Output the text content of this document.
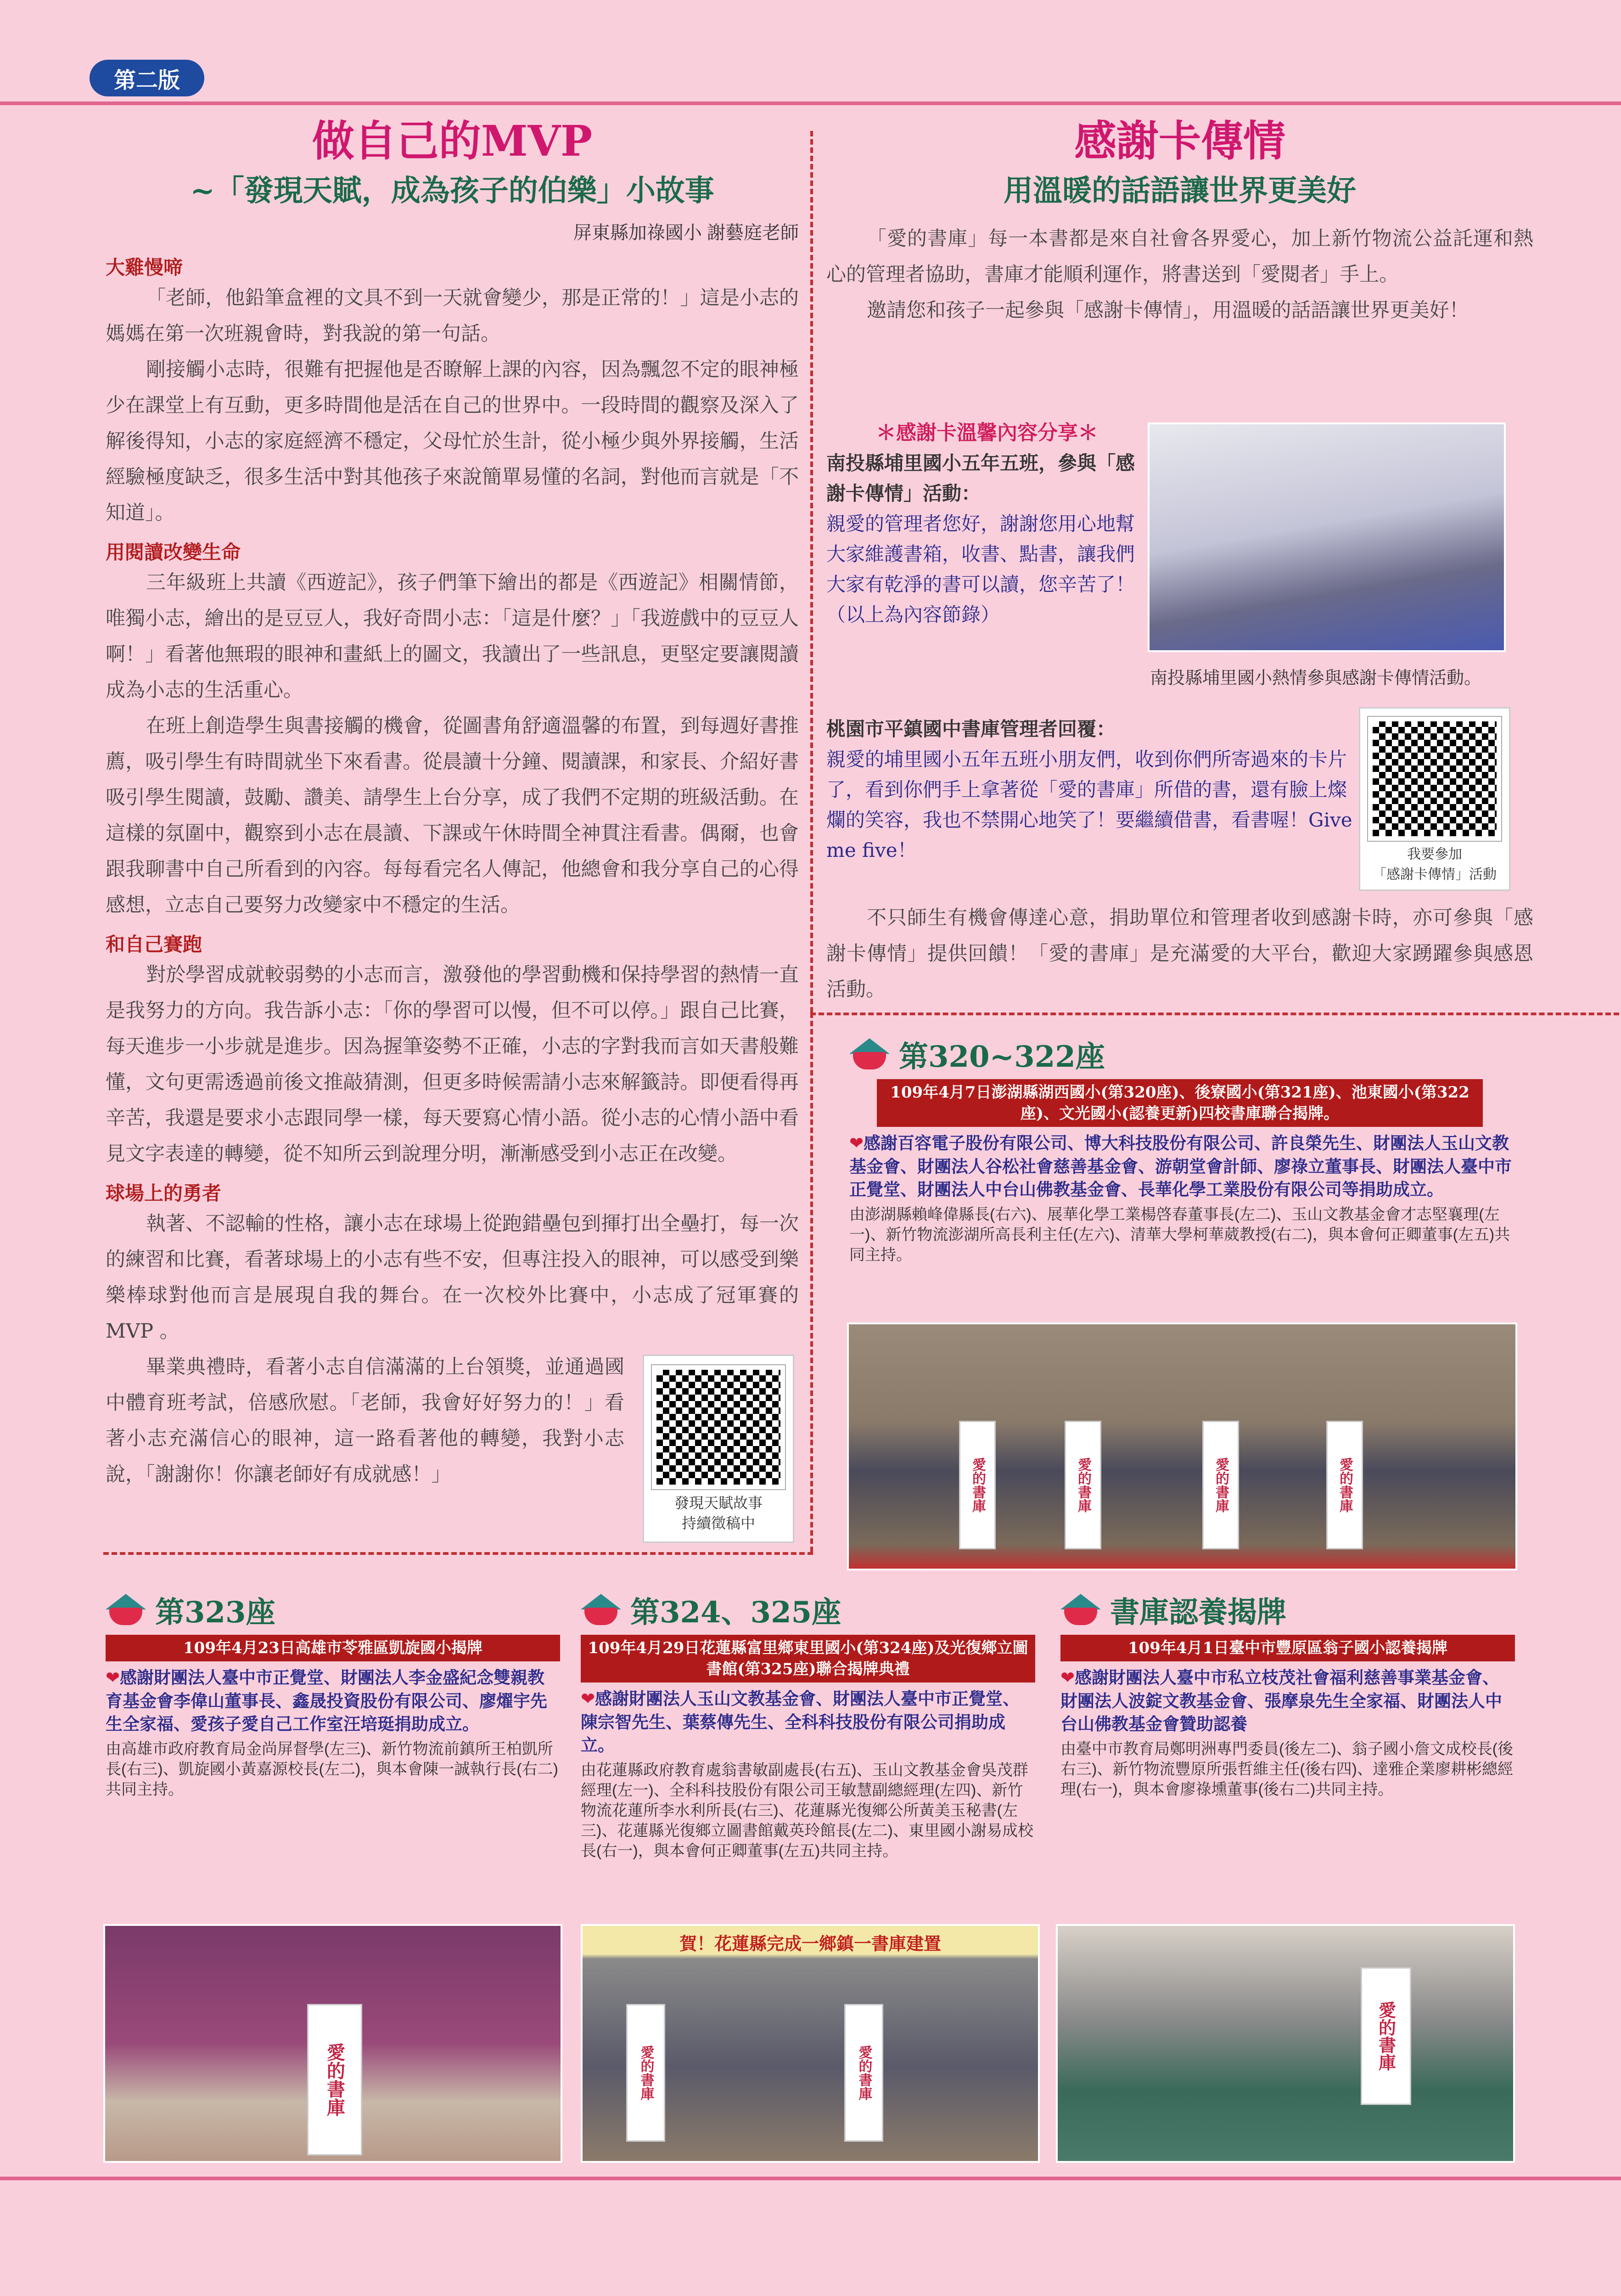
第二版
做自己的MVP
~「發現天賦，成為孩子的伯樂」小故事
屏東縣加祿國小 謝藝庭老師
大雞慢啼

「老師，他鉛筆盒裡的文具不到一天就會變少，那是正常的！」這是小志的媽媽在第一次班親會時，對我說的第一句話。

剛接觸小志時，很難有把握他是否瞭解上課的內容，因為飄忽不定的眼神極少在課堂上有互動，更多時間他是活在自己的世界中。一段時間的觀察及深入了解後得知，小志的家庭經濟不穩定，父母忙於生計，從小極少與外界接觸，生活經驗極度缺乏，很多生活中對其他孩子來說簡單易懂的名詞，對他而言就是「不知道」。

用閱讀改變生命

三年級班上共讀《西遊記》，孩子們筆下繪出的都是《西遊記》相關情節，唯獨小志，繪出的是豆豆人，我好奇問小志：「這是什麼？」「我遊戲中的豆豆人啊！」看著他無瑕的眼神和畫紙上的圖文，我讀出了一些訊息，更堅定要讓閱讀成為小志的生活重心。

在班上創造學生與書接觸的機會，從圖書角舒適溫馨的布置，到每週好書推薦，吸引學生有時間就坐下來看書。從晨讀十分鐘、閱讀課，和家長、介紹好書吸引學生閱讀，鼓勵、讚美、請學生上台分享，成了我們不定期的班級活動。在這樣的氛圍中，觀察到小志在晨讀、下課或午休時間全神貫注看書。偶爾，也會跟我聊書中自己所看到的內容。每每看完名人傳記，他總會和我分享自己的心得感想，立志自己要努力改變家中不穩定的生活。

和自己賽跑

對於學習成就較弱勢的小志而言，激發他的學習動機和保持學習的熱情一直是我努力的方向。我告訴小志：「你的學習可以慢，但不可以停。」跟自己比賽，每天進步一小步就是進步。因為握筆姿勢不正確，小志的字對我而言如天書般難懂，文句更需透過前後文推敲猜測，但更多時候需請小志來解籤詩。即便看得再辛苦，我還是要求小志跟同學一樣，每天要寫心情小語。從小志的心情小語中看見文字表達的轉變，從不知所云到說理分明，漸漸感受到小志正在改變。

球場上的勇者

執著、不認輸的性格，讓小志在球場上從跑錯壘包到揮打出全壘打，每一次的練習和比賽，看著球場上的小志有些不安，但專注投入的眼神，可以感受到樂樂棒球對他而言是展現自我的舞台。在一次校外比賽中，小志成了冠軍賽的 MVP 。

畢業典禮時，看著小志自信滿滿的上台領獎，並通過國中體育班考試，倍感欣慰。「老師，我會好好努力的！」看著小志充滿信心的眼神，這一路看著他的轉變，我對小志說，「謝謝你！你讓老師好有成就感！」

發現天賦故事
持續徵稿中
感謝卡傳情
用溫暖的話語讓世界更美好

「愛的書庫」每一本書都是來自社會各界愛心，加上新竹物流公益託運和熱心的管理者協助，書庫才能順利運作，將書送到「愛閱者」手上。

邀請您和孩子一起參與「感謝卡傳情」，用溫暖的話語讓世界更美好！

＊感謝卡溫馨內容分享＊
南投縣埔里國小五年五班，參與「感謝卡傳情」活動：
親愛的管理者您好，謝謝您用心地幫大家維護書箱，收書、點書，讓我們大家有乾淨的書可以讀，您辛苦了！（以上為內容節錄）
南投縣埔里國小熱情參與感謝卡傳情活動。
桃園市平鎮國中書庫管理者回覆：
親愛的埔里國小五年五班小朋友們，收到你們所寄過來的卡片了，看到你們手上拿著從「愛的書庫」所借的書，還有臉上燦爛的笑容，我也不禁開心地笑了！要繼續借書，看書喔！Give me five！	我要參加
「感謝卡傳情」活動

不只師生有機會傳達心意，捐助單位和管理者收到感謝卡時，亦可參與「感謝卡傳情」提供回饋！「愛的書庫」是充滿愛的大平台，歡迎大家踴躍參與感恩活動。

第320~322座
109年4月7日澎湖縣湖西國小(第320座)、後寮國小(第321座)、池東國小(第322座)、文光國小(認養更新)四校書庫聯合揭牌。
❤感謝百容電子股份有限公司、博大科技股份有限公司、許良榮先生、財團法人玉山文教基金會、財團法人谷松社會慈善基金會、游朝堂會計師、廖祿立董事長、財團法人臺中市正覺堂、財團法人中台山佛教基金會、長華化學工業股份有限公司等捐助成立。
由澎湖縣賴峰偉縣長(右六)、展華化學工業楊啓春董事長(左二)、玉山文教基金會才志堅襄理(左一)、新竹物流澎湖所高長利主任(左六)、清華大學柯華葳教授(右二)，與本會何正卿董事(左五)共同主持。
愛的書庫	愛的書庫	愛的書庫	愛的書庫
第323座
109年4月23日高雄市苓雅區凱旋國小揭牌
❤感謝財團法人臺中市正覺堂、財團法人李金盛紀念雙親教育基金會李偉山董事長、鑫晟投資股份有限公司、廖燿宇先生全家福、愛孩子愛自己工作室汪培珽捐助成立。
由高雄市政府教育局金尚屏督學(左三)、新竹物流前鎮所王柏凱所長(右三)、凱旋國小黃嘉源校長(左二)，與本會陳一誠執行長(右二)共同主持。
愛的書庫
第324、325座
109年4月29日花蓮縣富里鄉東里國小(第324座)及光復鄉立圖書館(第325座)聯合揭牌典禮
❤感謝財團法人玉山文教基金會、財團法人臺中市正覺堂、陳宗智先生、葉蔡傳先生、全科科技股份有限公司捐助成立。
由花蓮縣政府教育處翁書敏副處長(右五)、玉山文教基金會吳茂群經理(左一)、全科科技股份有限公司王敏慧副總經理(左四)、新竹物流花蓮所李水利所長(右三)、花蓮縣光復鄉公所黃美玉秘書(左三)、花蓮縣光復鄉立圖書館戴英玲館長(左二)、東里國小謝易成校長(右一)，與本會何正卿董事(左五)共同主持。
賀！花蓮縣完成一鄉鎮一書庫建置
愛的書庫	愛的書庫
書庫認養揭牌
109年4月1日臺中市豐原區翁子國小認養揭牌
❤感謝財團法人臺中市私立枝茂社會福利慈善事業基金會、財團法人波錠文教基金會、張摩泉先生全家福、財團法人中台山佛教基金會贊助認養
由臺中市教育局鄭明洲專門委員(後左二)、翁子國小詹文成校長(後右三)、新竹物流豐原所張哲維主任(後右四)、達雅企業廖耕彬總經理(右一)，與本會廖祿壎董事(後右二)共同主持。
愛的書庫
